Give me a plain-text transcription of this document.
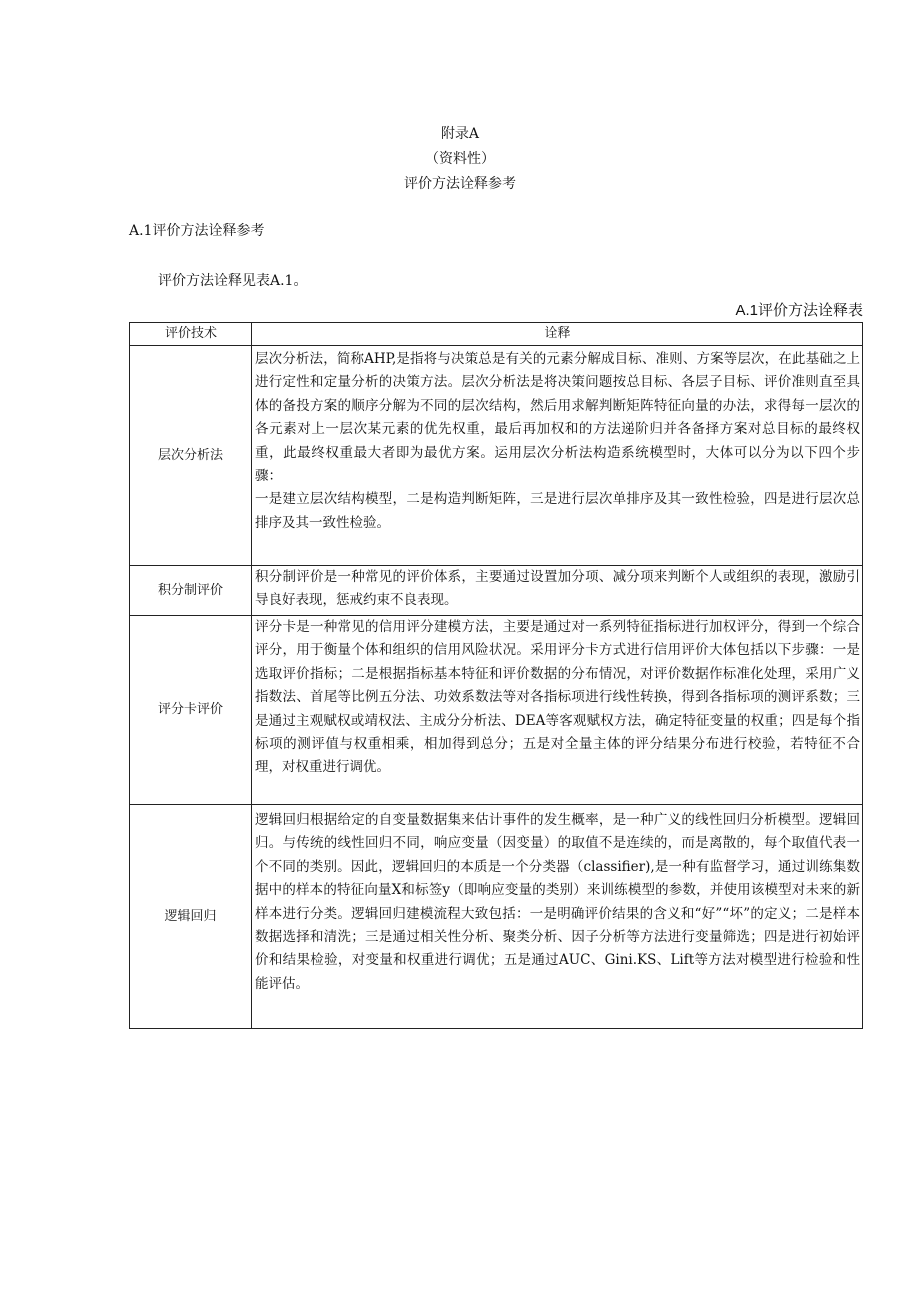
附录A
（资料性）
评价方法诠释参考
A.1评价方法诠释参考
评价方法诠释见表A.1。
A.1评价方法诠释表
评价技术	诠释
层次分析法	层次分析法，简称AHP,是指将与决策总是有关的元素分解成目标、准则、方案等层次，在此基础之上进行定性和定量分析的决策方法。层次分析法是将决策问题按总目标、各层子目标、评价准则直至具体的备投方案的顺序分解为不同的层次结构，然后用求解判断矩阵特征向量的办法，求得每一层次的各元素对上一层次某元素的优先权重，最后再加权和的方法递阶归并各备择方案对总目标的最终权重，此最终权重最大者即为最优方案。运用层次分析法构造系统模型时，大体可以分为以下四个步骤：
一是建立层次结构模型，二是构造判断矩阵，三是进行层次单排序及其一致性检验，四是进行层次总排序及其一致性检验。

积分制评价	积分制评价是一种常见的评价体系，主要通过设置加分项、减分项来判断个人或组织的表现，激励引导良好表现，惩戒约束不良表现。
评分卡评价	评分卡是一种常见的信用评分建模方法，主要是通过对一系列特征指标进行加权评分，得到一个综合评分，用于衡量个体和组织的信用风险状况。采用评分卡方式进行信用评价大体包括以下步骤：一是选取评价指标；二是根据指标基本特征和评价数据的分布情况，对评价数据作标准化处理，采用广义指数法、首尾等比例五分法、功效系数法等对各指标项进行线性转换，得到各指标项的测评系数；三是通过主观赋权或靖权法、主成分分析法、DEA等客观赋权方法，确定特征变量的权重；四是每个指标项的测评值与权重相乘，相加得到总分；五是对全量主体的评分结果分布进行校验，若特征不合理，对权重进行调优。
逻辑回归	逻辑回归根据给定的自变量数据集来估计事件的发生概率，是一种广义的线性回归分析模型。逻辑回归。与传统的线性回归不同，响应变量（因变量）的取值不是连续的，而是离散的，每个取值代表一个不同的类别。因此，逻辑回归的本质是一个分类器（classifier),是一种有监督学习，通过训练集数据中的样本的特征向量X和标签y（即响应变量的类别）来训练模型的参数，并使用该模型对未来的新样本进行分类。逻辑回归建模流程大致包括：一是明确评价结果的含义和“好”“坏”的定义；二是样本数据选择和清洗；三是通过相关性分析、聚类分析、因子分析等方法进行变量筛选；四是进行初始评价和结果检验，对变量和权重进行调优；五是通过AUC、Gini.KS、Lift等方法对模型进行检验和性能评估。
